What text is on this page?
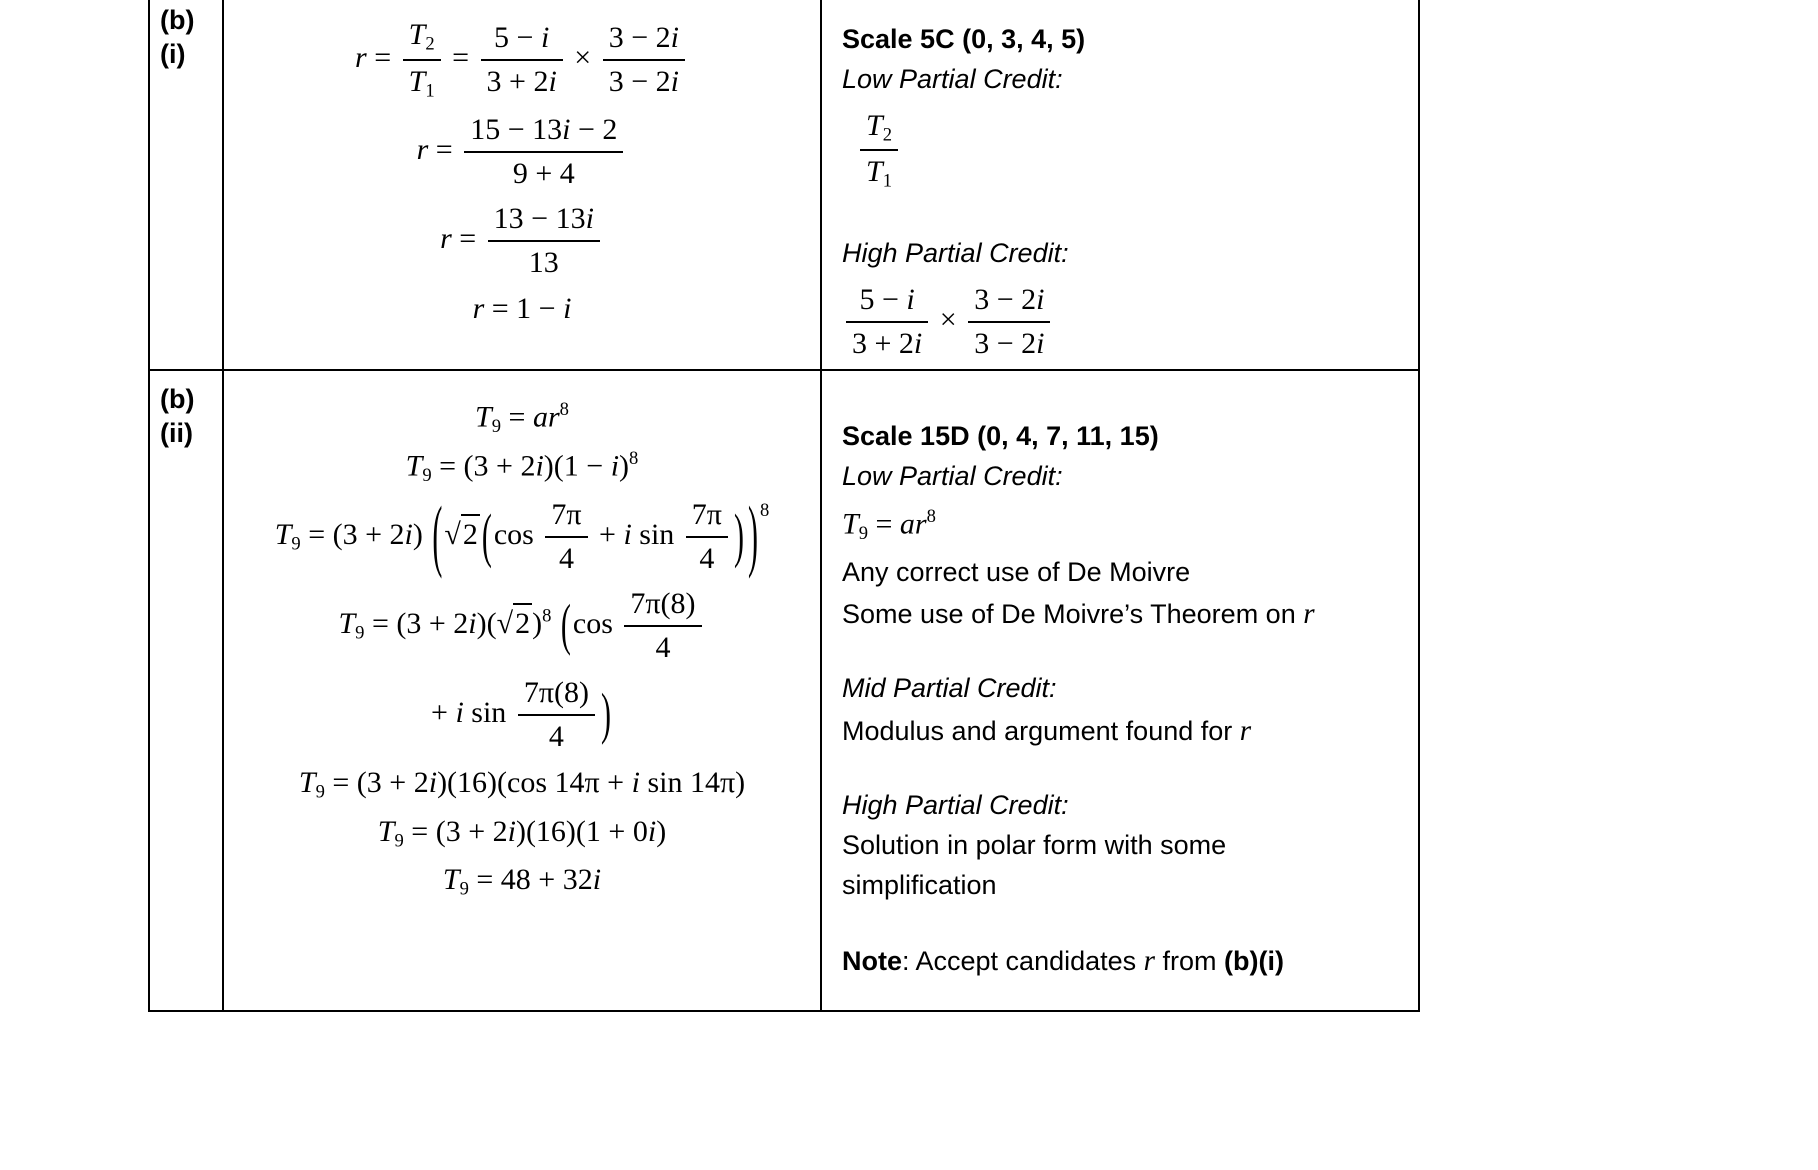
(b)
(i)	$r = \frac{T2}{T1} = \frac{5 - i}{3 + 2i} \times \frac{3 - 2i}{3 - 2i}$
$r = \frac{15 - 13i - 2}{9 + 4}$
$r = \frac{13 - 13i}{13}$
r = 1 − i
Scale 5C (0, 3, 4, 5)
Low Partial Credit:
$\frac{T2}{T1}$
High Partial Credit:
$\frac{5 - i}{3 + 2i} \times \frac{3 - 2i}{3 - 2i}$
(b)
(ii)	$T9 = ar^8$
$T9 = (3 + 2i)(1 - i)^8$
T9 = (3 + 2i) (√2 ($\cos \frac{7\pi}{4} + i$ $\sin \frac{7\pi}{4}$ ) ) $^8$
$T9 = (3 + 2i)(√2)^8$ ($\cos \frac{7\pi(8)}{4}$
+ i $\sin \frac{7\pi(8)}{4}$ )
T9 = (3 + 2i)(16)(cos 14π + i sin 14π)
T9 = (3 + 2i)(16)(1 + 0i)
T9 = 48 + 32i
Scale 15D (0, 4, 7, 11, 15)
Low Partial Credit:
$T9 = ar^8$
Any correct use of De Moivre
Some use of De Moivre’s Theorem on r
Mid Partial Credit:
Modulus and argument found for r
High Partial Credit:
Solution in polar form with some
simplification
Note: Accept candidates r from (b)(i)
